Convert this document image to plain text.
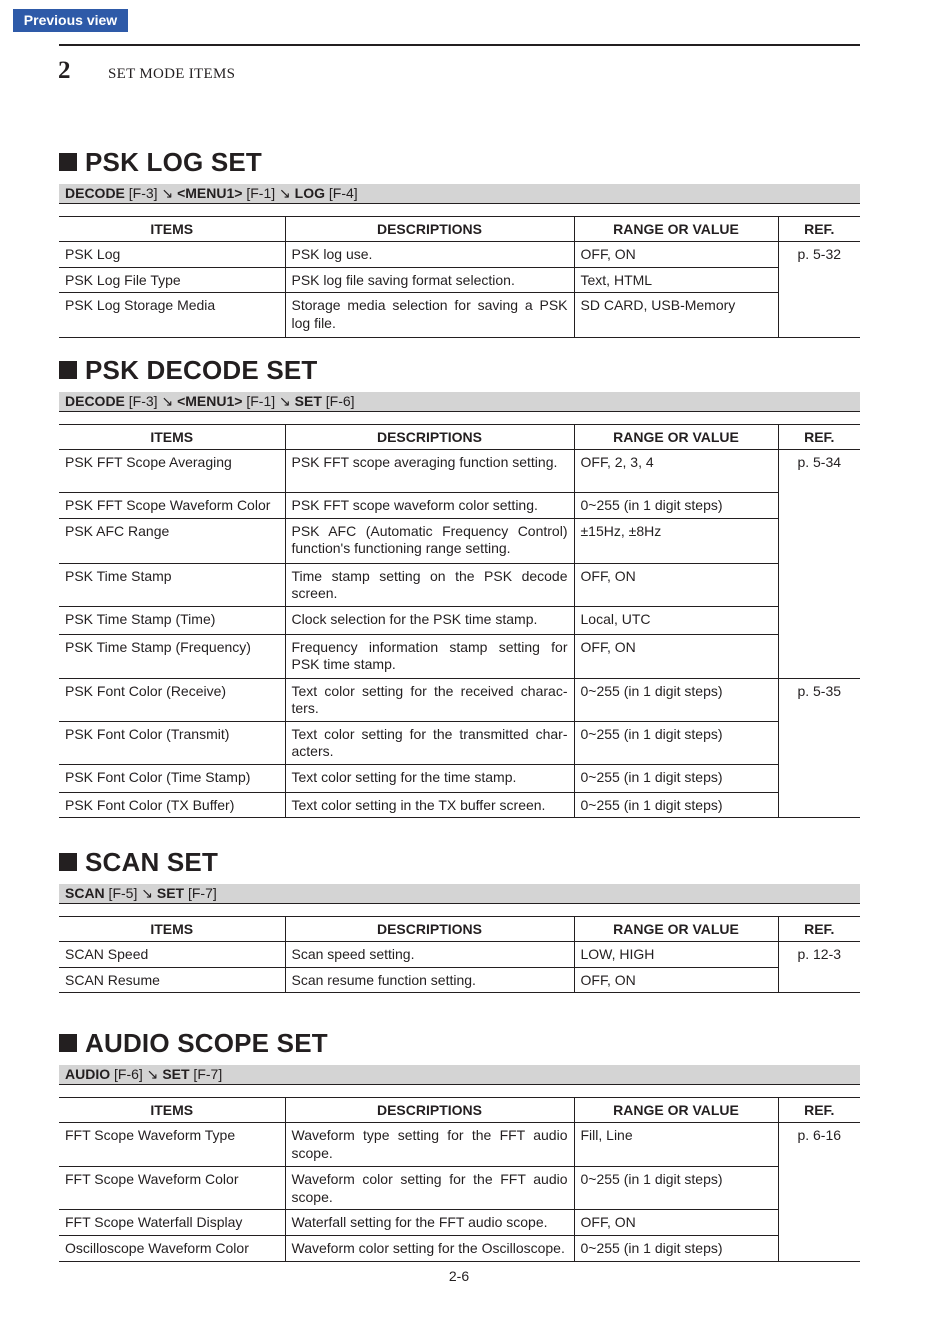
Previous view
2	SET MODE ITEMS
PSK LOG SET
DECODE [F-3] ↘ <MENU1> [F-1] ↘ LOG [F-4]
ITEMS	DESCRIPTIONS	RANGE OR VALUE	REF.
PSK Log	PSK log use.	OFF, ON	p. 5-32
PSK Log File Type	PSK log file saving format selection.	Text, HTML	
PSK Log Storage Media	Storage media selection for saving a PSK log file.	SD CARD, USB-Memory	
PSK DECODE SET
DECODE [F-3] ↘ <MENU1> [F-1] ↘ SET [F-6]
ITEMS	DESCRIPTIONS	RANGE OR VALUE	REF.
PSK FFT Scope Averaging	PSK FFT scope averaging function setting.	OFF, 2, 3, 4	p. 5-34
PSK FFT Scope Waveform Color	PSK FFT scope waveform color setting.	0~255 (in 1 digit steps)	
PSK AFC Range	PSK AFC (Automatic Frequency Control) function's functioning range setting.	±15Hz, ±8Hz	
PSK Time Stamp	Time stamp setting on the PSK decode screen.	OFF, ON	
PSK Time Stamp (Time)	Clock selection for the PSK time stamp.	Local, UTC	
PSK Time Stamp (Frequency)	Frequency information stamp setting for PSK time stamp.	OFF, ON	
PSK Font Color (Receive)	Text color setting for the received charac-ters.	0~255 (in 1 digit steps)	p. 5-35
PSK Font Color (Transmit)	Text color setting for the transmitted char-acters.	0~255 (in 1 digit steps)	
PSK Font Color (Time Stamp)	Text color setting for the time stamp.	0~255 (in 1 digit steps)	
PSK Font Color (TX Buffer)	Text color setting in the TX buffer screen.	0~255 (in 1 digit steps)	
SCAN SET
SCAN [F-5] ↘ SET [F-7]
ITEMS	DESCRIPTIONS	RANGE OR VALUE	REF.
SCAN Speed	Scan speed setting.	LOW, HIGH	p. 12-3
SCAN Resume	Scan resume function setting.	OFF, ON	
AUDIO SCOPE SET
AUDIO [F-6] ↘ SET [F-7]
ITEMS	DESCRIPTIONS	RANGE OR VALUE	REF.
FFT Scope Waveform Type	Waveform type setting for the FFT audio scope.	Fill, Line	p. 6-16
FFT Scope Waveform Color	Waveform color setting for the FFT audio scope.	0~255 (in 1 digit steps)	
FFT Scope Waterfall Display	Waterfall setting for the FFT audio scope.	OFF, ON	
Oscilloscope Waveform Color	Waveform color setting for the Oscilloscope.	0~255 (in 1 digit steps)	
2-6
